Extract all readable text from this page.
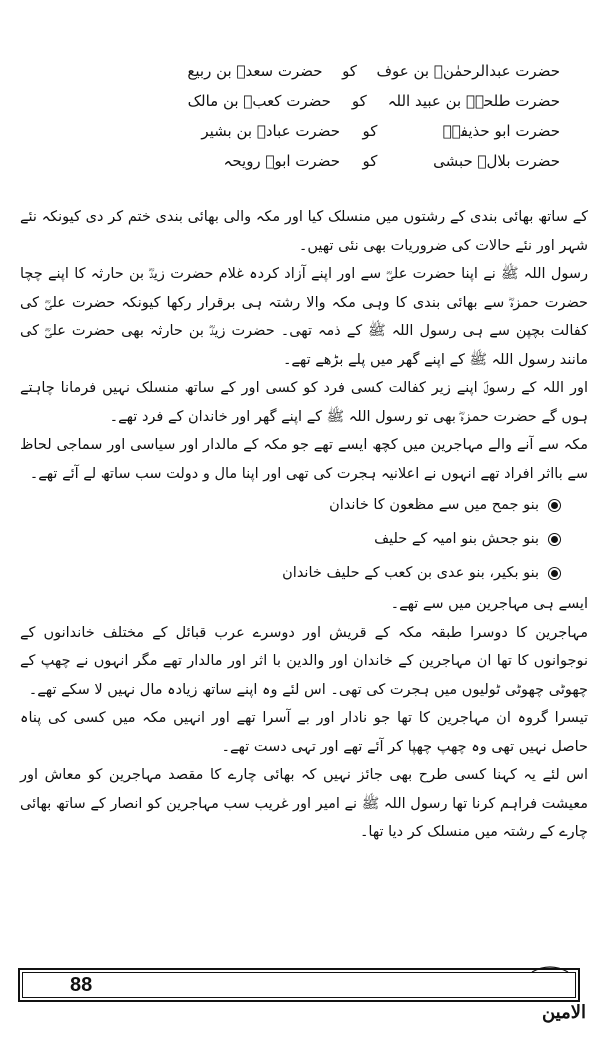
حضرت عبدالرحمٰنؓ بن عوف
کو
حضرت سعدؓ بن ربیع
حضرت طلحہؓ بن عبید اللہ
کو
حضرت کعبؓ بن مالک
حضرت ابو حذیفہؓ
کو
حضرت عبادؓ بن بشیر
حضرت بلالؓ حبشی
کو
حضرت ابوؓ رویحہ

کے ساتھ بھائی بندی کے رشتوں میں منسلک کیا اور مکہ والی بھائی بندی ختم کر دی کیونکہ نئے شہر اور نئے حالات کی ضروریات بھی نئی تھیں۔

رسول اللہ ﷺ نے اپنا حضرت علیؓ سے اور اپنے آزاد کردہ غلام حضرت زیدؓ بن حارثہ کا اپنے چچا حضرت حمزہؓ سے بھائی بندی کا وہی مکہ والا رشتہ ہی برقرار رکھا کیونکہ حضرت علیؓ کی کفالت بچپن سے ہی رسول اللہ ﷺ کے ذمہ تھی۔ حضرت زیدؓ بن حارثہ بھی حضرت علیؓ کی مانند رسول اللہ ﷺ کے اپنے گھر میں پلے بڑھے تھے۔

اور اللہ کے رسولؐ اپنے زیر کفالت کسی فرد کو کسی اور کے ساتھ منسلک نہیں فرمانا چاہتے ہوں گے حضرت حمزہؓ بھی تو رسول اللہ ﷺ کے اپنے گھر اور خاندان کے فرد تھے۔

مکہ سے آنے والے مہاجرین میں کچھ ایسے تھے جو مکہ کے مالدار اور سیاسی اور سماجی لحاظ سے بااثر افراد تھے انہوں نے اعلانیہ ہجرت کی تھی اور اپنا مال و دولت سب ساتھ لے آئے تھے۔

بنو جمح میں سے مظعون کا خاندان
بنو جحش بنو امیہ کے حلیف
بنو بکیر، بنو عدی بن کعب کے حلیف خاندان

ایسے ہی مہاجرین میں سے تھے۔

مہاجرین کا دوسرا طبقہ مکہ کے قریش اور دوسرے عرب قبائل کے مختلف خاندانوں کے نوجوانوں کا تھا ان مہاجرین کے خاندان اور والدین با اثر اور مالدار تھے مگر انہوں نے چھپ کے چھوٹی چھوٹی ٹولیوں میں ہجرت کی تھی۔ اس لئے وہ اپنے ساتھ زیادہ مال نہیں لا سکے تھے۔

تیسرا گروہ ان مہاجرین کا تھا جو نادار اور بے آسرا تھے اور انہیں مکہ میں کسی کی پناہ حاصل نہیں تھی وہ چھپ چھپا کر آئے تھے اور تہی دست تھے۔

اس لئے یہ کہنا کسی طرح بھی جائز نہیں کہ بھائی چارے کا مقصد مہاجرین کو معاش اور معیشت فراہم کرنا تھا رسول اللہ ﷺ نے امیر اور غریب سب مہاجرین کو انصار کے ساتھ بھائی چارے کے رشتہ میں منسلک کر دیا تھا۔

88
الامین
